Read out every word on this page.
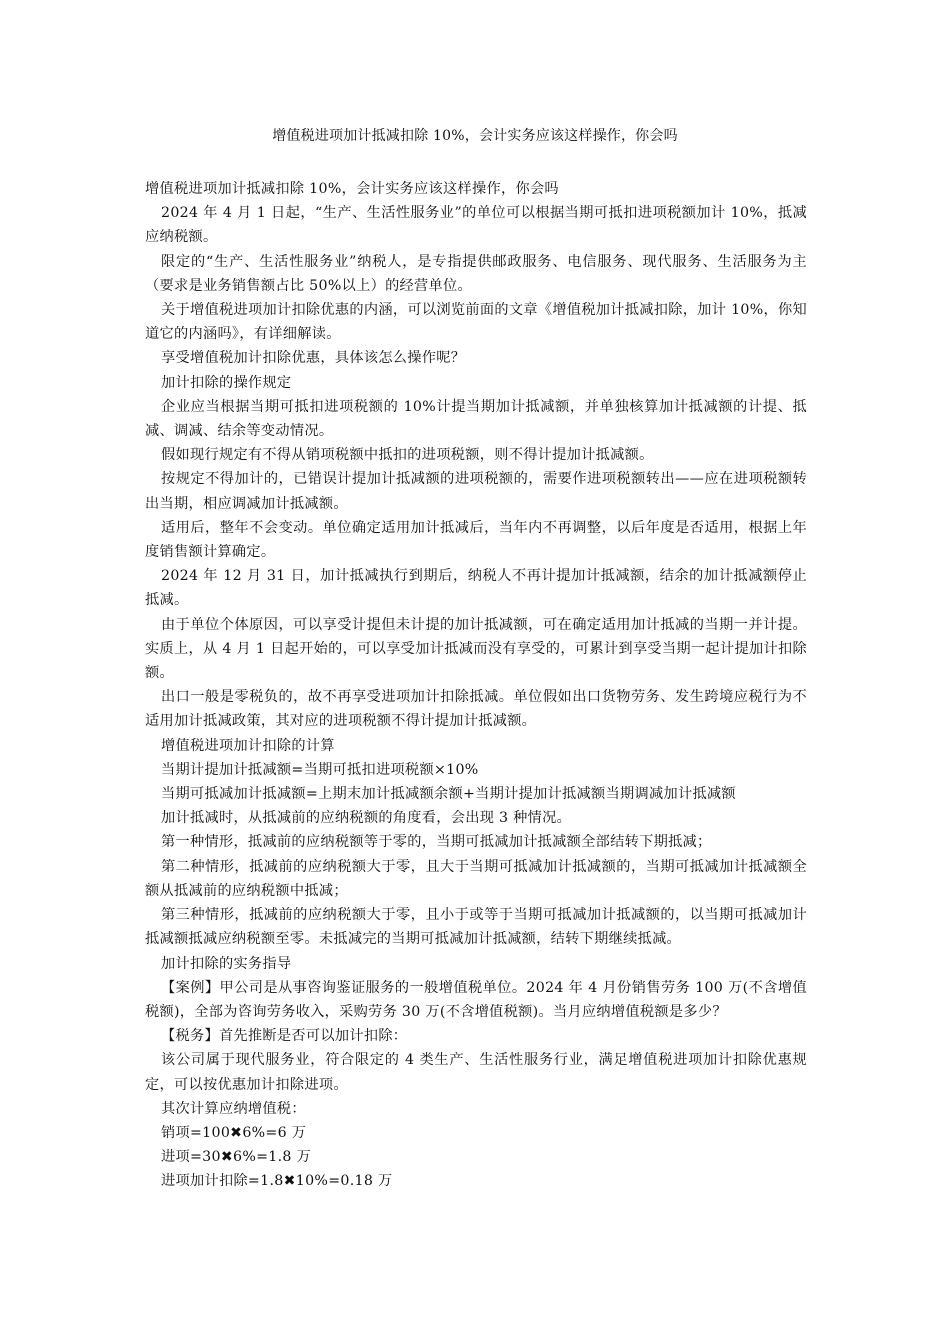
增值税进项加计抵减扣除 10%，会计实务应该这样操作，你会吗

增值税进项加计抵减扣除 10%，会计实务应该这样操作，你会吗

2024 年 4 月 1 日起，“生产、生活性服务业”的单位可以根据当期可抵扣进项税额加计 10%，抵减应纳税额。

限定的“生产、生活性服务业”纳税人，是专指提供邮政服务、电信服务、现代服务、生活服务为主（要求是业务销售额占比 50%以上）的经营单位。

关于增值税进项加计扣除优惠的内涵，可以浏览前面的文章《增值税加计抵减扣除，加计 10%，你知道它的内涵吗》，有详细解读。

享受增值税加计扣除优惠，具体该怎么操作呢？

加计扣除的操作规定

企业应当根据当期可抵扣进项税额的 10%计提当期加计抵减额，并单独核算加计抵减额的计提、抵减、调减、结余等变动情况。

假如现行规定有不得从销项税额中抵扣的进项税额，则不得计提加计抵减额。

按规定不得加计的，已错误计提加计抵减额的进项税额的，需要作进项税额转出——应在进项税额转出当期，相应调减加计抵减额。

适用后，整年不会变动。单位确定适用加计抵减后，当年内不再调整，以后年度是否适用，根据上年度销售额计算确定。

2024 年 12 月 31 日，加计抵减执行到期后，纳税人不再计提加计抵减额，结余的加计抵减额停止抵减。

由于单位个体原因，可以享受计提但未计提的加计抵减额，可在确定适用加计抵减的当期一并计提。实质上，从 4 月 1 日起开始的，可以享受加计抵减而没有享受的，可累计到享受当期一起计提加计扣除额。

出口一般是零税负的，故不再享受进项加计扣除抵减。单位假如出口货物劳务、发生跨境应税行为不适用加计抵减政策，其对应的进项税额不得计提加计抵减额。

增值税进项加计扣除的计算

当期计提加计抵减额=当期可抵扣进项税额×10%

当期可抵减加计抵减额=上期末加计抵减额余额+当期计提加计抵减额当期调减加计抵减额

加计抵减时，从抵减前的应纳税额的角度看，会出现 3 种情况。

第一种情形，抵减前的应纳税额等于零的，当期可抵减加计抵减额全部结转下期抵减；

第二种情形，抵减前的应纳税额大于零，且大于当期可抵减加计抵减额的，当期可抵减加计抵减额全额从抵减前的应纳税额中抵减；

第三种情形，抵减前的应纳税额大于零，且小于或等于当期可抵减加计抵减额的，以当期可抵减加计抵减额抵减应纳税额至零。未抵减完的当期可抵减加计抵减额，结转下期继续抵减。

加计扣除的实务指导

【案例】甲公司是从事咨询鉴证服务的一般增值税单位。2024 年 4 月份销售劳务 100 万(不含增值税额)，全部为咨询劳务收入，采购劳务 30 万(不含增值税额)。当月应纳增值税额是多少？

【税务】首先推断是否可以加计扣除：

该公司属于现代服务业，符合限定的 4 类生产、生活性服务行业，满足增值税进项加计扣除优惠规定，可以按优惠加计扣除进项。

其次计算应纳增值税：

销项=100✖6%=6 万

进项=30✖6%=1.8 万

进项加计扣除=1.8✖10%=0.18 万
